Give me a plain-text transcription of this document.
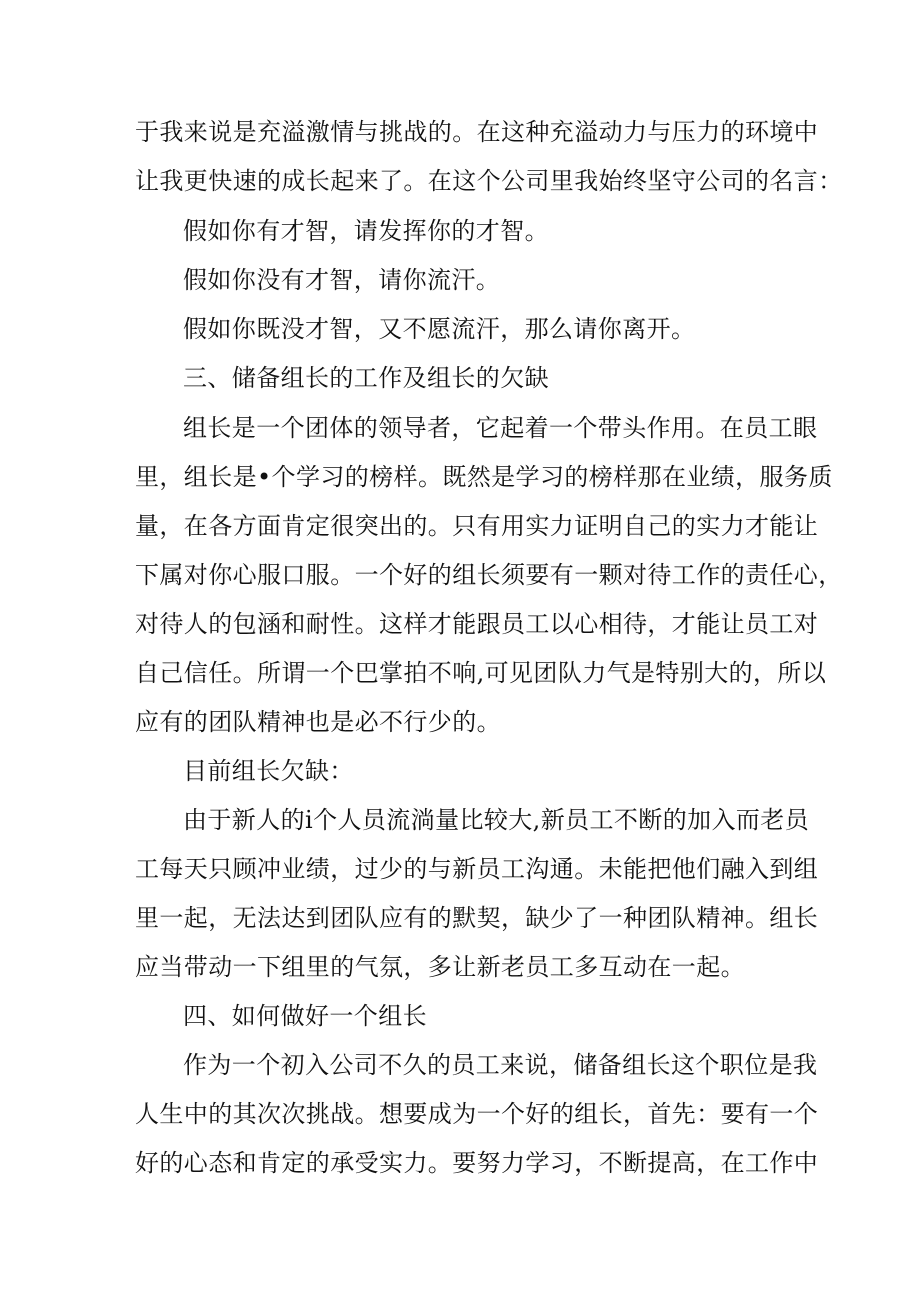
于我来说是充溢激情与挑战的。在这种充溢动力与压力的环境中
让我更快速的成长起来了。在这个公司里我始终坚守公司的名言：
假如你有才智，请发挥你的才智。
假如你没有才智，请你流汗。
假如你既没才智，又不愿流汗，那么请你离开。
三、储备组长的工作及组长的欠缺
组长是一个团体的领导者，它起着一个带头作用。在员工眼
里，组长是•个学习的榜样。既然是学习的榜样那在业绩，服务质
量，在各方面肯定很突出的。只有用实力证明自己的实力才能让
下属对你心服口服。一个好的组长须要有一颗对待工作的责任心，
对待人的包涵和耐性。这样才能跟员工以心相待，才能让员工对
自己信任。所谓一个巴掌拍不响,可见团队力气是特别大的，所以
应有的团队精神也是必不行少的。
目前组长欠缺：
由于新人的i个人员流淌量比较大,新员工不断的加入而老员
工每天只顾冲业绩，过少的与新员工沟通。未能把他们融入到组
里一起，无法达到团队应有的默契，缺少了一种团队精神。组长
应当带动一下组里的气氛，多让新老员工多互动在一起。
四、如何做好一个组长
作为一个初入公司不久的员工来说，储备组长这个职位是我
人生中的其次次挑战。想要成为一个好的组长，首先：要有一个
好的心态和肯定的承受实力。要努力学习，不断提高，在工作中
